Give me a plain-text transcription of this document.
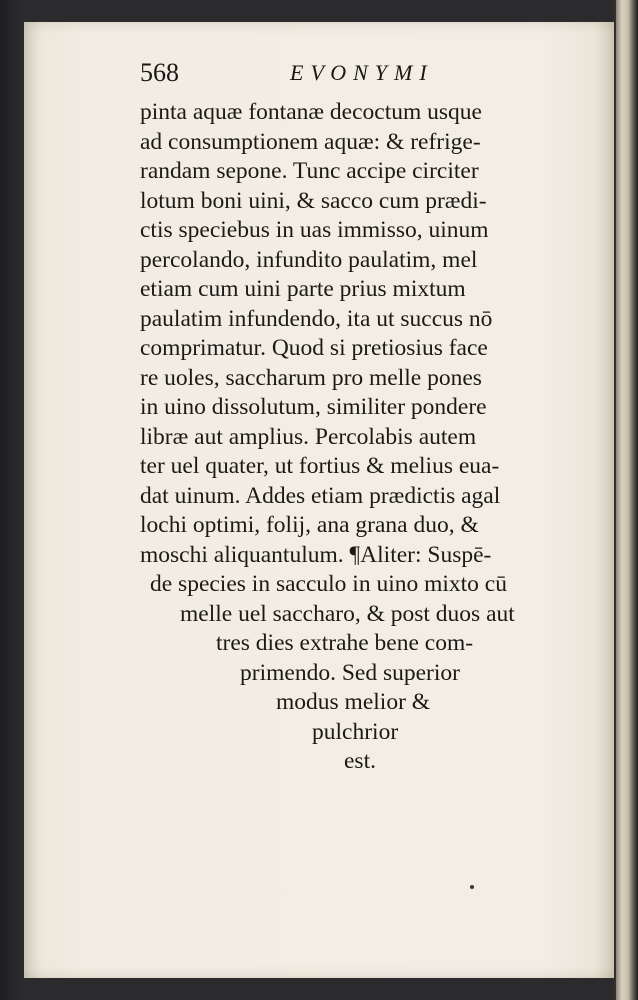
568	EVONYMI
pinta aquæ fontanæ decoctum usque
ad consumptionem aquæ: & refrige-
randam sepone. Tunc accipe circiter
lotum boni uini, & sacco cum prædi-
ctis speciebus in uas immisso, uinum
percolando, infundito paulatim, mel
etiam cum uini parte prius mixtum
paulatim infundendo, ita ut succus nō
comprimatur. Quod si pretiosius face
re uoles, saccharum pro melle pones
in uino dissolutum, similiter pondere
libræ aut amplius. Percolabis autem
ter uel quater, ut fortius & melius eua-
dat uinum. Addes etiam prædictis agal
lochi optimi, folij, ana grana duo, &
moschi aliquantulum. ¶Aliter: Suspē-
de species in sacculo in uino mixto cū
melle uel saccharo, & post duos aut
tres dies extrahe bene com-
primendo. Sed superior
modus melior &
pulchrior
est.
